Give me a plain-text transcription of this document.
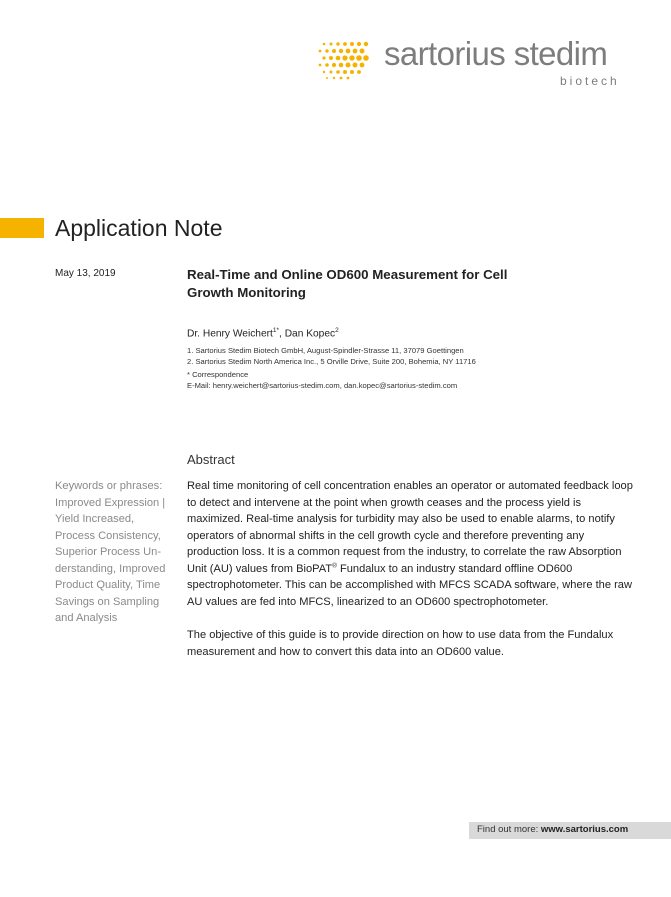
sartorius stedim
biotech
Application Note
May 13, 2019	Real-Time and Online OD600 Measurement for Cell Growth Monitoring
Dr. Henry Weichert$^{1*}$, Dan Kopec$^2$
1. Sartorius Stedim Biotech GmbH, August-Spindler-Strasse 11, 37079 Goettingen
2. Sartorius Stedim North America Inc., 5 Orville Drive, Suite 200, Bohemia, NY 11716
* Correspondence
E-Mail: henry.weichert@sartorius-stedim.com, dan.kopec@sartorius-stedim.com
Abstract
Keywords or phrases: Improved Expression | Yield Increased, Process Consistency, Superior Process Un-derstanding, Improved Product Quality, Time Savings on Sampling and Analysis
Real time monitoring of cell concentration enables an operator or automated feedback loop to detect and intervene at the point when growth ceases and the process yield is maximized. Real-time analysis for turbidity may also be used to enable alarms, to notify operators of abnormal shifts in the cell growth cycle and therefore preventing any production loss. It is a common request from the industry, to correlate the raw Absorption Unit (AU) values from BioPAT® Fundalux to an industry standard offline OD600 spectrophotometer. This can be accomplished with MFCS SCADA software, where the raw AU values are fed into MFCS, linearized to an OD600 spectrophotometer.
The objective of this guide is to provide direction on how to use data from the Fundalux measurement and how to convert this data into an OD600 value.
Find out more: www.sartorius.com
